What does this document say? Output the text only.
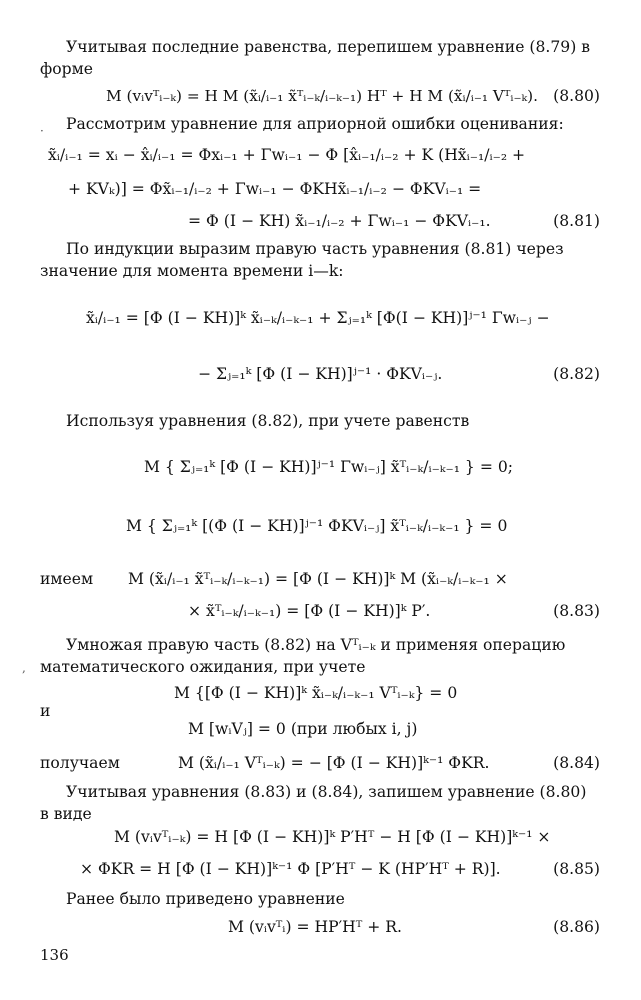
Учитывая последние равенства, перепишем уравнение (8.79) в форме

M (vᵢvᵀᵢ₋ₖ) = H M (x̃ᵢ/ᵢ₋₁ x̃ᵀᵢ₋ₖ/ᵢ₋ₖ₋₁) Hᵀ + H M (x̃ᵢ/ᵢ₋₁ Vᵀᵢ₋ₖ). (8.80)
·	Рассмотрим уравнение для априорной ошибки оценивания:

x̃ᵢ/ᵢ₋₁ = xᵢ − x̂ᵢ/ᵢ₋₁ = Φxᵢ₋₁ + Γwᵢ₋₁ − Φ [x̂ᵢ₋₁/ᵢ₋₂ + K (Hx̃ᵢ₋₁/ᵢ₋₂ +
+ KVₖ)] = Φx̃ᵢ₋₁/ᵢ₋₂ + Γwᵢ₋₁ − ΦKHx̃ᵢ₋₁/ᵢ₋₂ − ΦKVᵢ₋₁ =
= Φ (I − KH) x̃ᵢ₋₁/ᵢ₋₂ + Γwᵢ₋₁ − ΦKVᵢ₋₁.	(8.81)

По индукции выразим правую часть уравнения (8.81) через значение для момента времени i—k:

x̃ᵢ/ᵢ₋₁ = [Φ (I − KH)]ᵏ x̃ᵢ₋ₖ/ᵢ₋ₖ₋₁ + Σⱼ₌₁ᵏ [Φ(I − KH)]ʲ⁻¹ Γwᵢ₋ⱼ −
− Σⱼ₌₁ᵏ [Φ (I − KH)]ʲ⁻¹ · ΦKVᵢ₋ⱼ.	(8.82)

Используя уравнения (8.82), при учете равенств

M { Σⱼ₌₁ᵏ [Φ (I − KH)]ʲ⁻¹ Γwᵢ₋ⱼ] x̃ᵀᵢ₋ₖ/ᵢ₋ₖ₋₁ } = 0;
M { Σⱼ₌₁ᵏ [(Φ (I − KH)]ʲ⁻¹ ΦKVᵢ₋ⱼ] x̃ᵀᵢ₋ₖ/ᵢ₋ₖ₋₁ } = 0
имеем M (x̃ᵢ/ᵢ₋₁ x̃ᵀᵢ₋ₖ/ᵢ₋ₖ₋₁) = [Φ (I − KH)]ᵏ M (x̃ᵢ₋ₖ/ᵢ₋ₖ₋₁ ×
× x̃ᵀᵢ₋ₖ/ᵢ₋ₖ₋₁) = [Φ (I − KH)]ᵏ P′.	(8.83)
,

Умножая правую часть (8.82) на Vᵀᵢ₋ₖ и применяя операцию математического ожидания, при учете

M {[Φ (I − KH)]ᵏ x̃ᵢ₋ₖ/ᵢ₋ₖ₋₁ Vᵀᵢ₋ₖ} = 0
и
M [wᵢVⱼ] = 0 (при любых i, j)
получаем	M (x̃ᵢ/ᵢ₋₁ Vᵀᵢ₋ₖ) = − [Φ (I − KH)]ᵏ⁻¹ ΦKR.	(8.84)

Учитывая уравнения (8.83) и (8.84), запишем уравнение (8.80) в виде

M (vᵢvᵀᵢ₋ₖ) = H [Φ (I − KH)]ᵏ P′Hᵀ − H [Φ (I − KH)]ᵏ⁻¹ ×
× ΦKR = H [Φ (I − KH)]ᵏ⁻¹ Φ [P′Hᵀ − K (HP′Hᵀ + R)].	(8.85)

Ранее было приведено уравнение

M (vᵢvᵀᵢ) = HP′Hᵀ + R.	(8.86)
136
